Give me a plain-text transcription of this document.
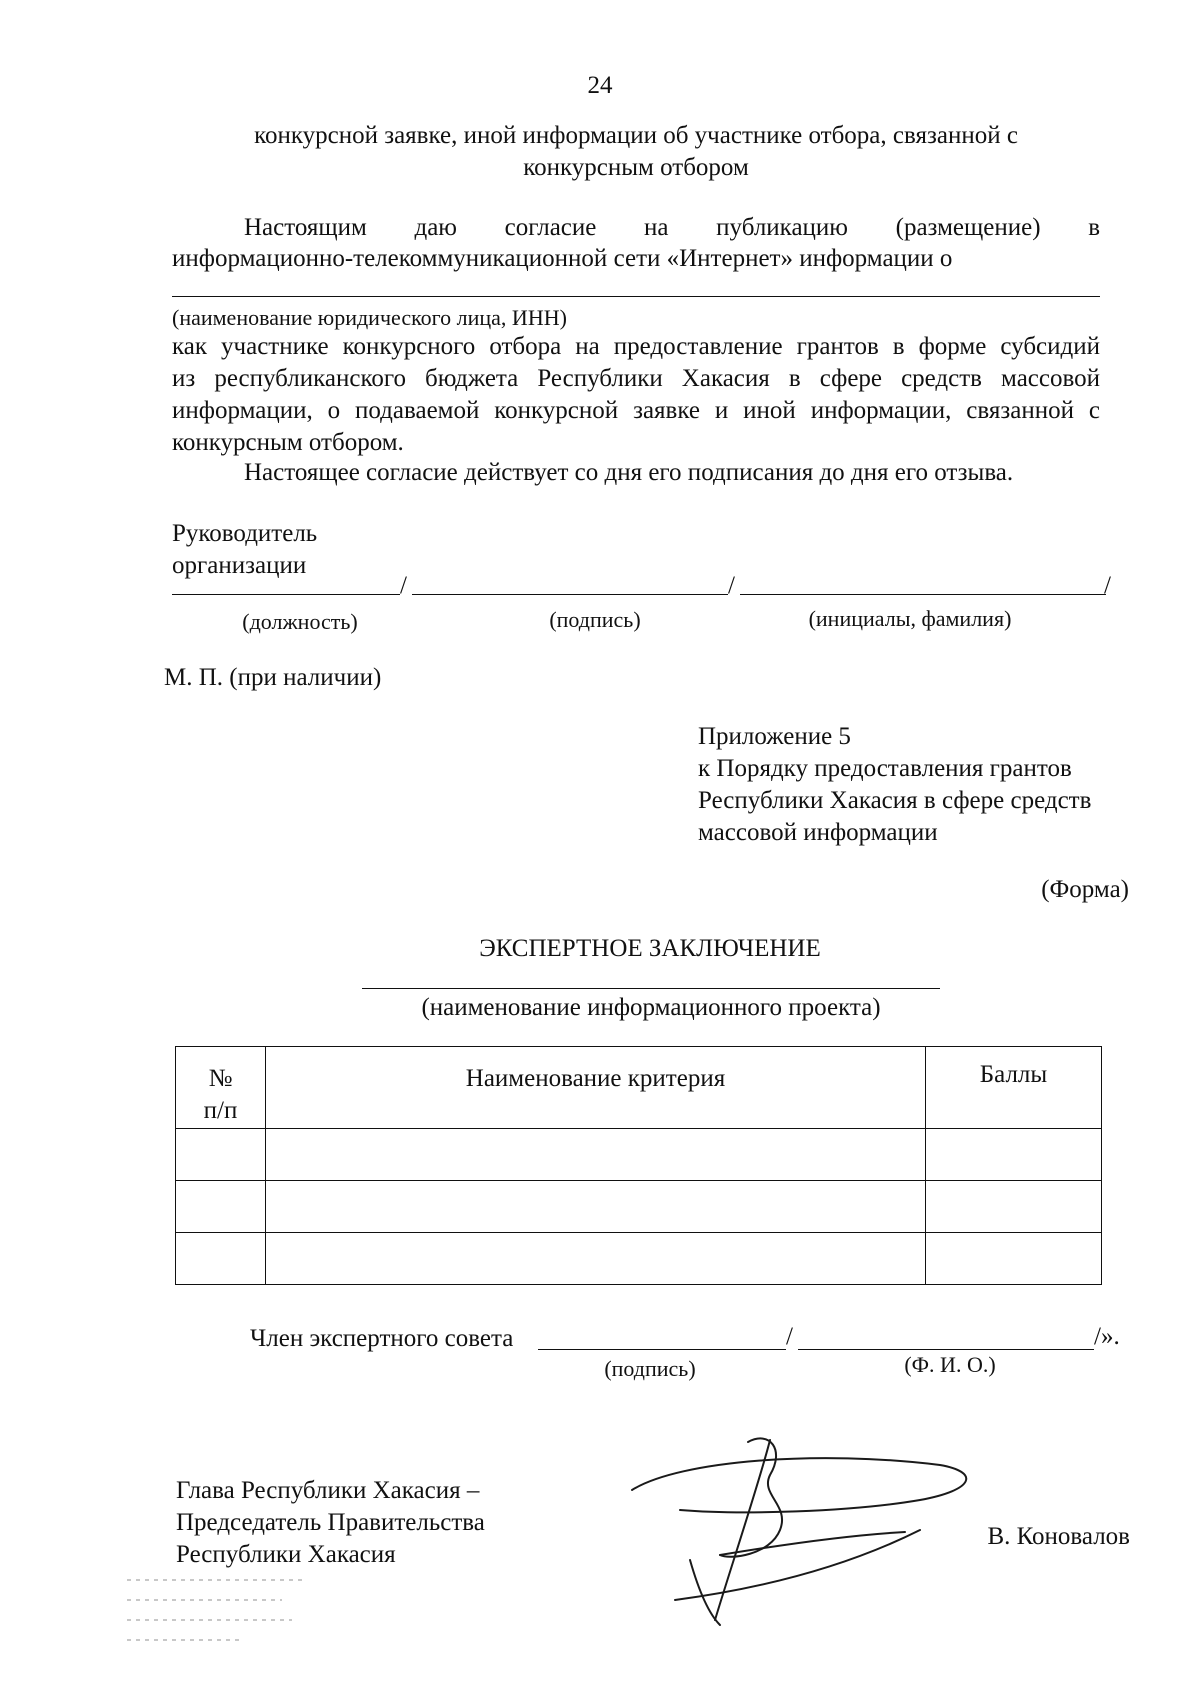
24
конкурсной заявке, иной информации об участнике отбора, связанной с
конкурсным отбором
Настоящим даю согласие на публикацию (размещение) в
информационно-телекоммуникационной сети «Интернет» информации о
(наименование юридического лица, ИНН)
как участнике конкурсного отбора на предоставление грантов в форме субсидий
из республиканского бюджета Республики Хакасия в сфере средств массовой
информации, о подаваемой конкурсной заявке и иной информации, связанной с
конкурсным отбором.
Настоящее согласие действует со дня его подписания до дня его отзыва.
Руководитель
организации
/	/	/
(должность)	(подпись)	(инициалы, фамилия)
М. П. (при наличии)
Приложение 5
к Порядку предоставления грантов
Республики Хакасия в сфере средств
массовой информации
(Форма)
ЭКСПЕРТНОЕ ЗАКЛЮЧЕНИЕ
(наименование информационного проекта)
№
п/п	Наименование критерия	Баллы

Член экспертного совета	/	/».
(подпись)	(Ф. И. О.)
Глава Республики Хакасия –
Председатель Правительства
Республики Хакасия
В. Коновалов
